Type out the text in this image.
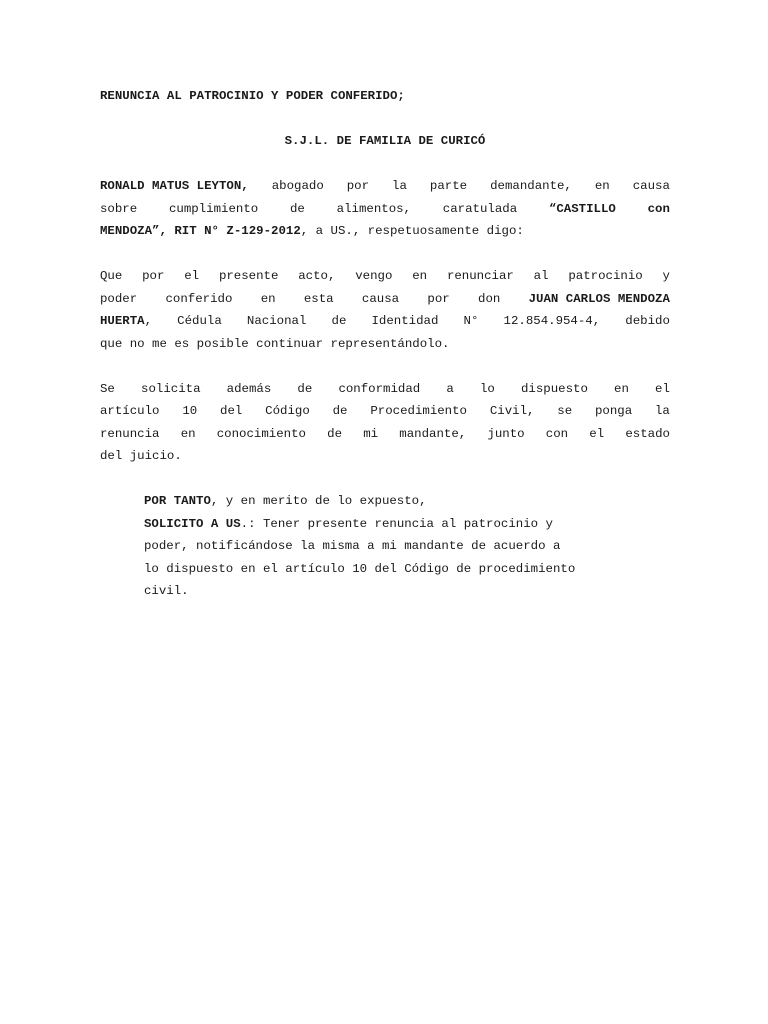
RENUNCIA AL PATROCINIO Y PODER CONFERIDO;
S.J.L. DE FAMILIA DE CURICÓ
RONALD MATUS LEYTON, abogado por la parte demandante, en causa
sobre	cumplimiento	de	alimentos,	caratulada	“CASTILLO	con
MENDOZA”, RIT N° Z-129-2012, a US., respetuosamente digo:
Que por el presente acto, vengo en renunciar al patrocinio y
poder conferido en esta causa por don JUAN CARLOS MENDOZA
HUERTA, Cédula Nacional de Identidad N° 12.854.954-4, debido
que no me es posible continuar representándolo.
Se solicita además de conformidad a lo dispuesto en el
artículo 10 del Código de Procedimiento Civil, se ponga la
renuncia en conocimiento de mi mandante, junto con el estado
del juicio.
POR TANTO, y en merito de lo expuesto,
SOLICITO A US.: Tener presente renuncia al patrocinio y
poder, notificándose la misma a mi mandante de acuerdo a
lo dispuesto en el artículo 10 del Código de procedimiento
civil.
